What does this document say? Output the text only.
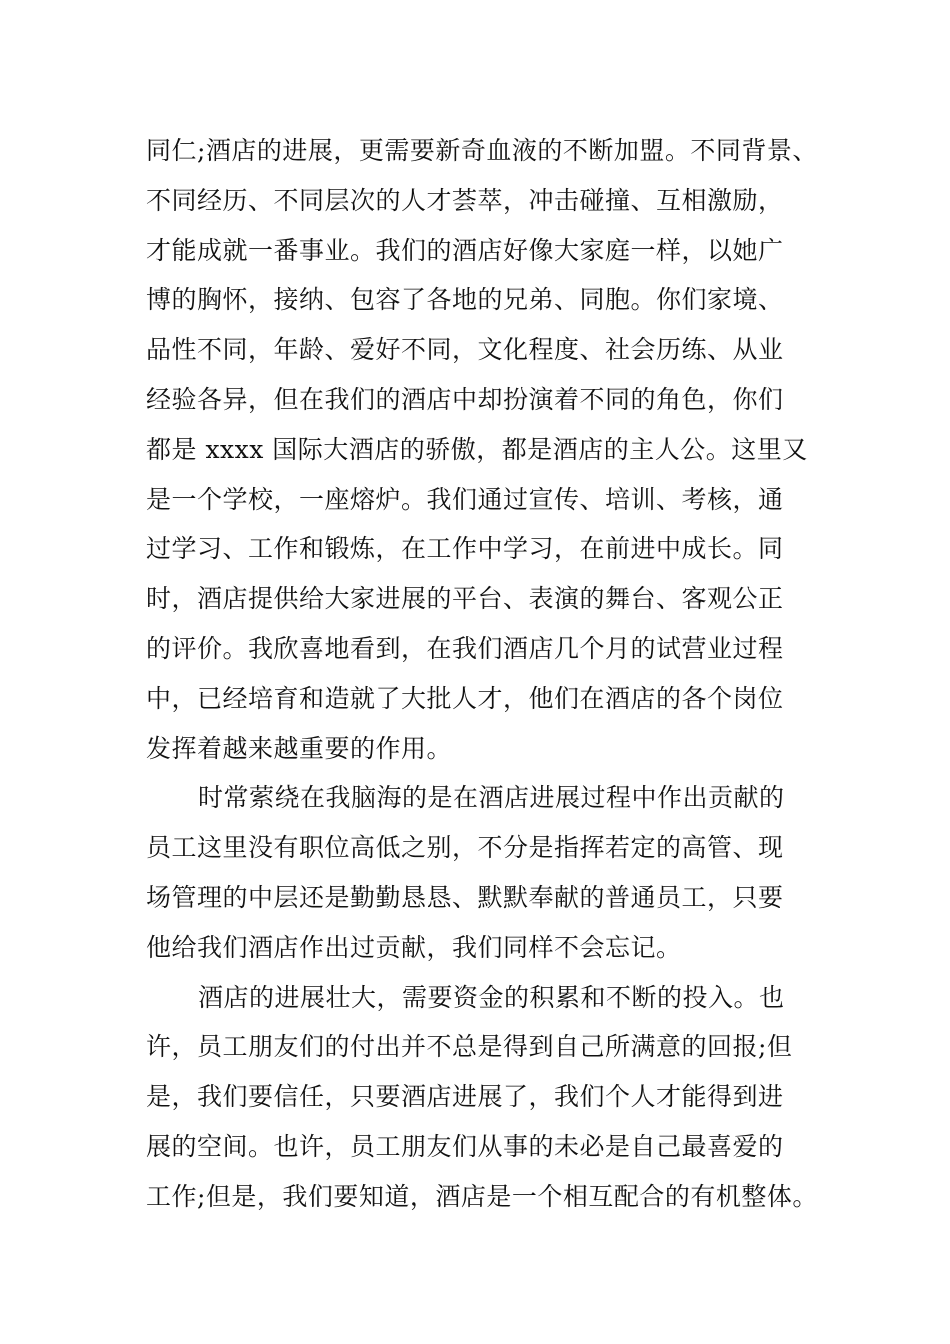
同仁;酒店的进展，更需要新奇血液的不断加盟。不同背景、
不同经历、不同层次的人才荟萃，冲击碰撞、互相激励，
才能成就一番事业。我们的酒店好像大家庭一样，以她广
博的胸怀，接纳、包容了各地的兄弟、同胞。你们家境、
品性不同，年龄、爱好不同，文化程度、社会历练、从业
经验各异，但在我们的酒店中却扮演着不同的角色，你们
都是 xxxx 国际大酒店的骄傲，都是酒店的主人公。这里又
是一个学校，一座熔炉。我们通过宣传、培训、考核，通
过学习、工作和锻炼，在工作中学习，在前进中成长。同
时，酒店提供给大家进展的平台、表演的舞台、客观公正
的评价。我欣喜地看到，在我们酒店几个月的试营业过程
中，已经培育和造就了大批人才，他们在酒店的各个岗位
发挥着越来越重要的作用。
时常萦绕在我脑海的是在酒店进展过程中作出贡献的
员工这里没有职位高低之别，不分是指挥若定的高管、现
场管理的中层还是勤勤恳恳、默默奉献的普通员工，只要
他给我们酒店作出过贡献，我们同样不会忘记。
酒店的进展壮大，需要资金的积累和不断的投入。也
许，员工朋友们的付出并不总是得到自己所满意的回报;但
是，我们要信任，只要酒店进展了，我们个人才能得到进
展的空间。也许，员工朋友们从事的未必是自己最喜爱的
工作;但是，我们要知道，酒店是一个相互配合的有机整体。
